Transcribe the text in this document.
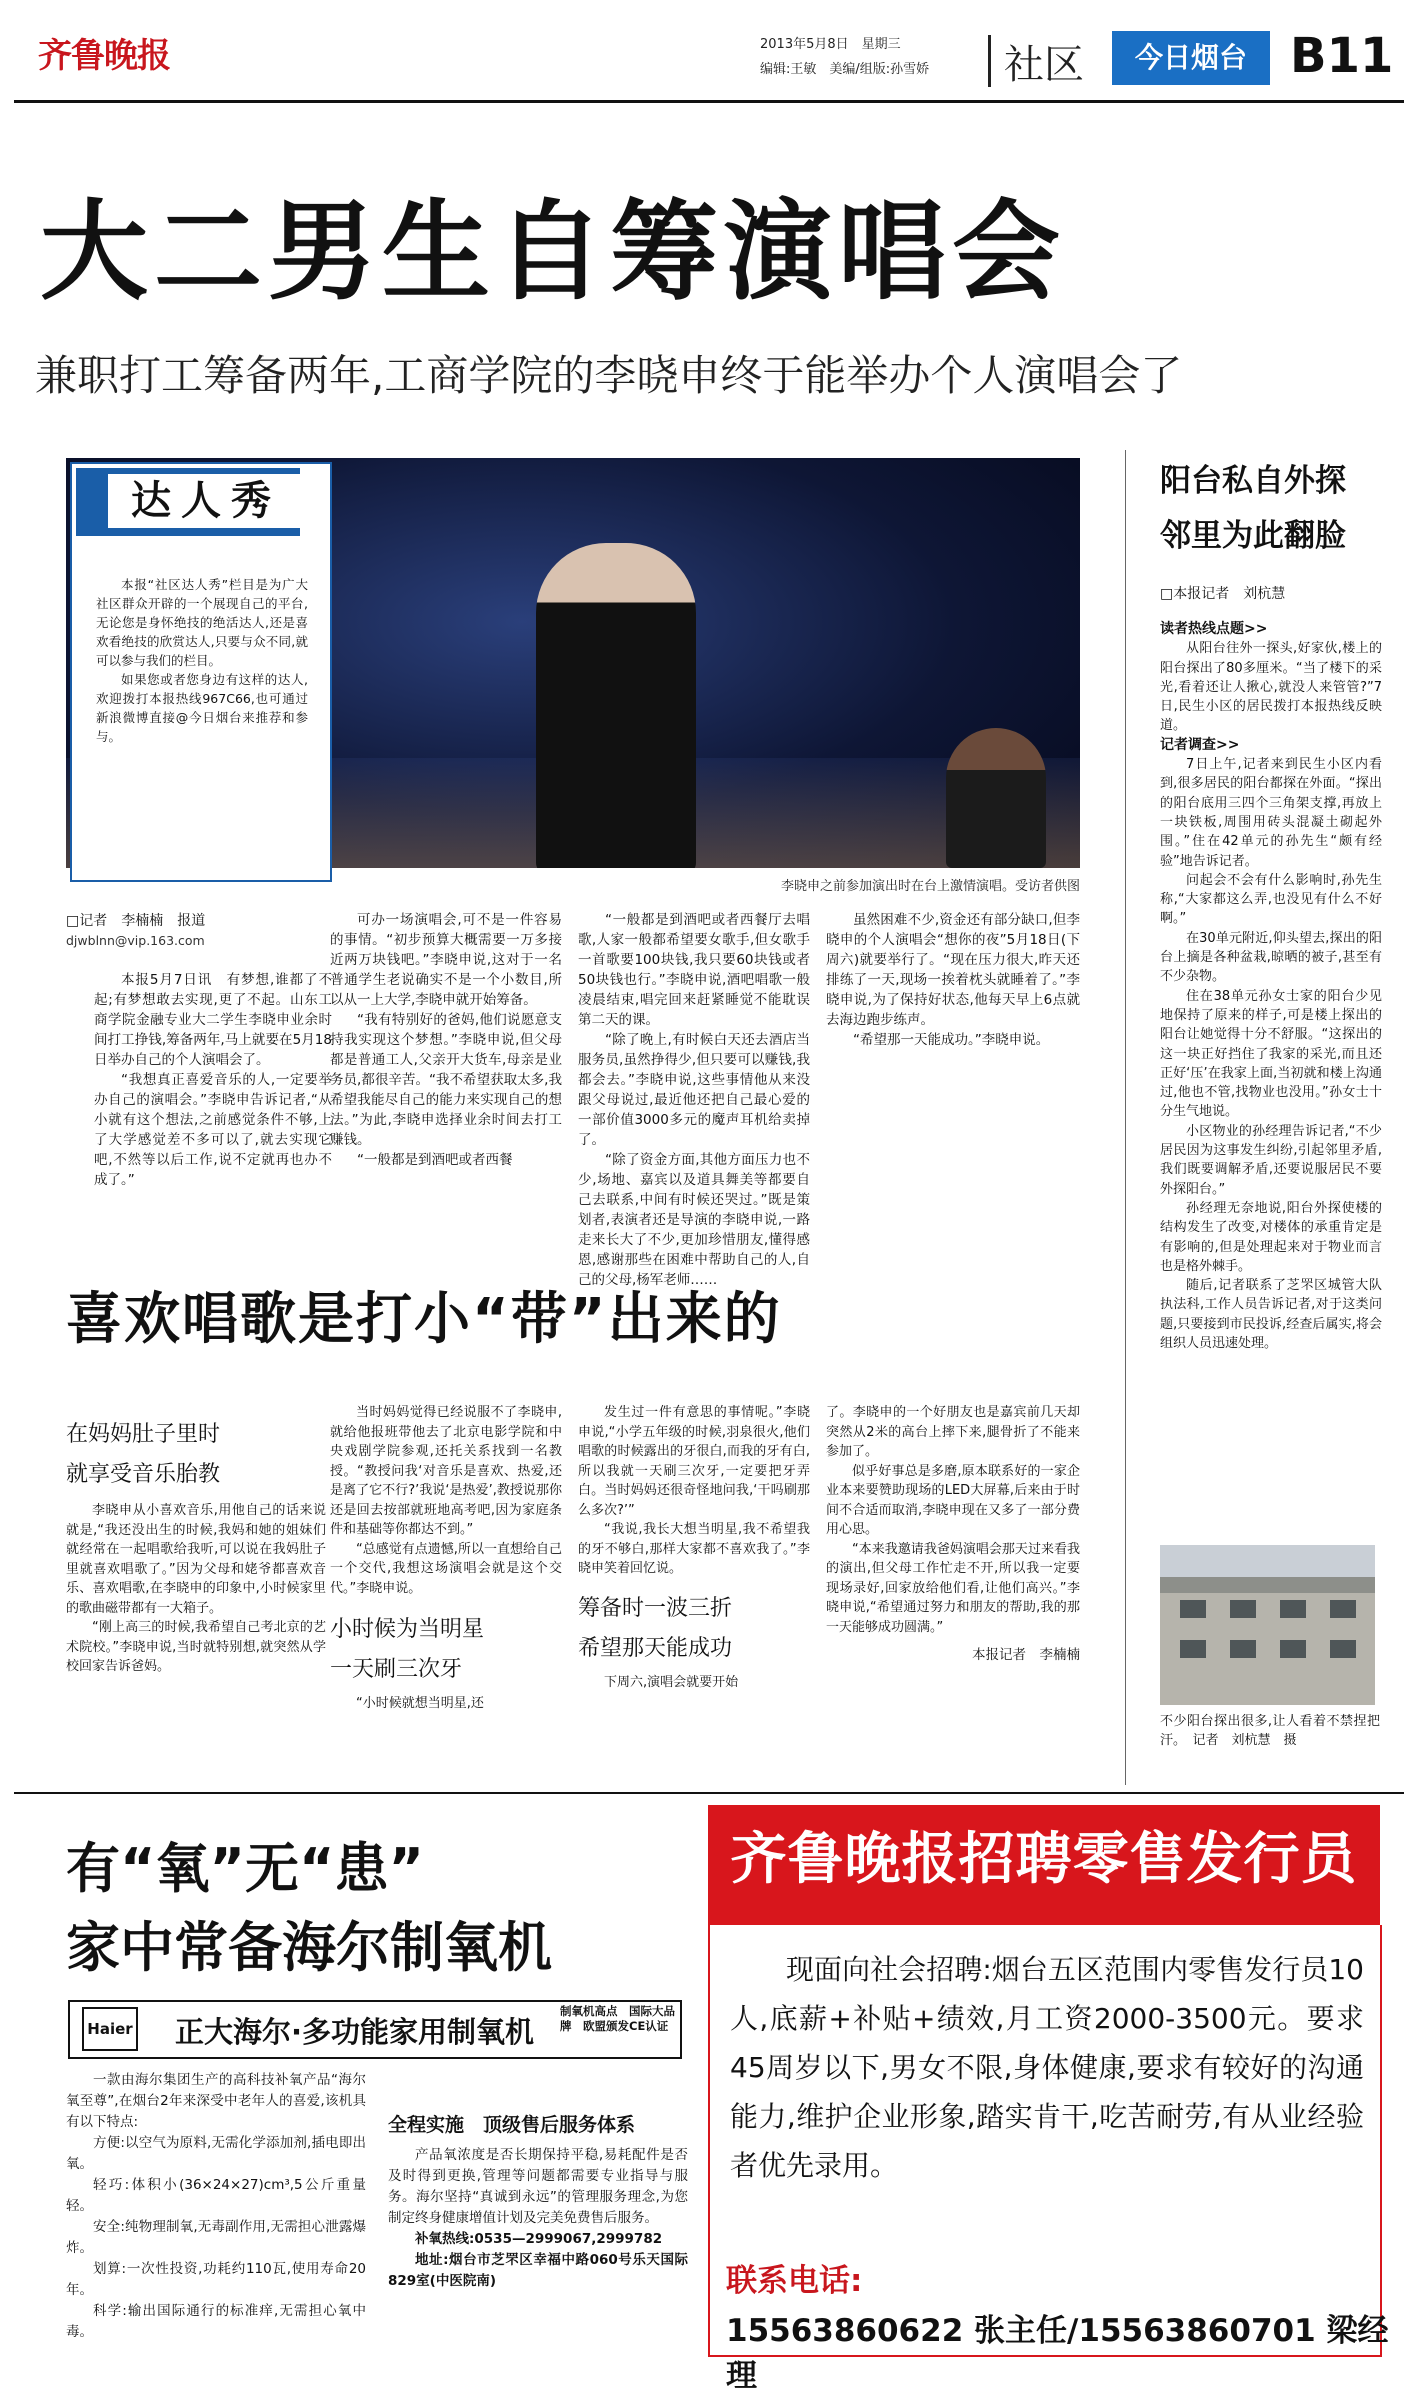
齐鲁晚报	2013年5月8日　星期三
编辑:王敏　美编/组版:孙雪娇 社区	今日烟台 B11
大二男生自筹演唱会
兼职打工筹备两年,工商学院的李晓申终于能举办个人演唱会了
达人秀

本报“社区达人秀”栏目是为广大社区群众开辟的一个展现自己的平台,无论您是身怀绝技的绝活达人,还是喜欢看绝技的欣赏达人,只要与众不同,就可以参与我们的栏目。

如果您或者您身边有这样的达人,欢迎拨打本报热线967C66,也可通过新浪微博直接@今日烟台来推荐和参与。

李晓申之前参加演出时在台上激情演唱。受访者供图
□记者　李楠楠　报道
djwblnn@vip.163.com

本报5月7日讯　有梦想,谁都了不起;有梦想敢去实现,更了不起。山东工商学院金融专业大二学生李晓申业余时间打工挣钱,筹备两年,马上就要在5月18日举办自己的个人演唱会了。

“我想真正喜爱音乐的人,一定要举办自己的演唱会。”李晓申告诉记者,“从小就有这个想法,之前感觉条件不够,上了大学感觉差不多可以了,就去实现它吧,不然等以后工作,说不定就再也办不成了。”

可办一场演唱会,可不是一件容易的事情。“初步预算大概需要一万多接近两万块钱吧。”李晓申说,这对于一名普通学生老说确实不是一个小数目,所以从一上大学,李晓申就开始筹备。

“我有特别好的爸妈,他们说愿意支持我实现这个梦想。”李晓申说,但父母都是普通工人,父亲开大货车,母亲是业务员,都很辛苦。“我不希望获取太多,我希望我能尽自己的能力来实现自己的想法。”为此,李晓申选择业余时间去打工赚钱。

“一般都是到酒吧或者西餐

“一般都是到酒吧或者西餐厅去唱歌,人家一般都希望要女歌手,但女歌手一首歌要100块钱,我只要60块钱或者50块钱也行。”李晓申说,酒吧唱歌一般凌晨结束,唱完回来赶紧睡觉不能耽误第二天的课。

“除了晚上,有时候白天还去酒店当服务员,虽然挣得少,但只要可以赚钱,我都会去。”李晓申说,这些事情他从来没跟父母说过,最近他还把自己最心爱的一部价值3000多元的魔声耳机给卖掉了。

“除了资金方面,其他方面压力也不少,场地、嘉宾以及道具舞美等都要自己去联系,中间有时候还哭过。”既是策划者,表演者还是导演的李晓申说,一路走来长大了不少,更加珍惜朋友,懂得感恩,感谢那些在困难中帮助自己的人,自己的父母,杨军老师……

虽然困难不少,资金还有部分缺口,但李晓申的个人演唱会“想你的夜”5月18日(下周六)就要举行了。“现在压力很大,昨天还排练了一天,现场一挨着枕头就睡着了。”李晓申说,为了保持好状态,他每天早上6点就去海边跑步练声。

“希望那一天能成功。”李晓申说。

阳台私自外探
邻里为此翻脸
□本报记者　刘杭慧

读者热线点题>>

从阳台往外一探头,好家伙,楼上的阳台探出了80多厘米。“当了楼下的采光,看着还让人揪心,就没人来管管?”7日,民生小区的居民拨打本报热线反映道。

记者调查>>

7日上午,记者来到民生小区内看到,很多居民的阳台都探在外面。“探出的阳台底用三四个三角架支撑,再放上一块铁板,周围用砖头混凝土砌起外围。”住在42单元的孙先生“颇有经验”地告诉记者。

问起会不会有什么影响时,孙先生称,“大家都这么弄,也没见有什么不好啊。”

在30单元附近,仰头望去,探出的阳台上摘是各种盆栽,晾晒的被子,甚至有不少杂物。

住在38单元孙女士家的阳台少见地保持了原来的样子,可是楼上探出的阳台让她觉得十分不舒服。“这探出的这一块正好挡住了我家的采光,而且还正好‘压’在我家上面,当初就和楼上沟通过,他也不管,找物业也没用。”孙女士十分生气地说。

小区物业的孙经理告诉记者,“不少居民因为这事发生纠纷,引起邻里矛盾,我们既要调解矛盾,还要说服居民不要外探阳台。”

孙经理无奈地说,阳台外探使楼的结构发生了改变,对楼体的承重肯定是有影响的,但是处理起来对于物业而言也是格外棘手。

随后,记者联系了芝罘区城管大队执法科,工作人员告诉记者,对于这类问题,只要接到市民投诉,经查后属实,将会组织人员迅速处理。

不少阳台探出很多,让人看着不禁捏把汗。　记者　刘杭慧　摄
喜欢唱歌是打小“带”出来的
在妈妈肚子里时
就享受音乐胎教

李晓申从小喜欢音乐,用他自己的话来说就是,“我还没出生的时候,我妈和她的姐妹们就经常在一起唱歌给我听,可以说在我妈肚子里就喜欢唱歌了。”因为父母和姥爷都喜欢音乐、喜欢唱歌,在李晓申的印象中,小时候家里的歌曲磁带都有一大箱子。

“刚上高三的时候,我希望自己考北京的艺术院校。”李晓申说,当时就特别想,就突然从学校回家告诉爸妈。

当时妈妈觉得已经说服不了李晓申,就给他报班带他去了北京电影学院和中央戏剧学院参观,还托关系找到一名教授。“教授问我‘对音乐是喜欢、热爱,还是离了它不行?’我说‘是热爱’,教授说那你还是回去按部就班地高考吧,因为家庭条件和基础等你都达不到。”

“总感觉有点遗憾,所以一直想给自己一个交代,我想这场演唱会就是这个交代。”李晓申说。

小时候为当明星
一天刷三次牙

“小时候就想当明星,还

发生过一件有意思的事情呢。”李晓申说,“小学五年级的时候,羽泉很火,他们唱歌的时候露出的牙很白,而我的牙有白,所以我就一天刷三次牙,一定要把牙弄白。当时妈妈还很奇怪地问我,‘干吗刷那么多次?’”

“我说,我长大想当明星,我不希望我的牙不够白,那样大家都不喜欢我了。”李晓申笑着回忆说。

筹备时一波三折
希望那天能成功

下周六,演唱会就要开始

了。李晓申的一个好朋友也是嘉宾前几天却突然从2米的高台上摔下来,腿骨折了不能来参加了。

似乎好事总是多磨,原本联系好的一家企业本来要赞助现场的LED大屏幕,后来由于时间不合适而取消,李晓申现在又多了一部分费用心思。

“本来我邀请我爸妈演唱会那天过来看我的演出,但父母工作忙走不开,所以我一定要现场录好,回家放给他们看,让他们高兴。”李晓申说,“希望通过努力和朋友的帮助,我的那一天能够成功圆满。”

本报记者　李楠楠
有“氧”无“患”
家中常备海尔制氧机
Haier 正大海尔·多功能家用制氧机
制氧机高点　国际大品牌　欧盟颁发CE认证

一款由海尔集团生产的高科技补氧产品“海尔氧至尊”,在烟台2年来深受中老年人的喜爱,该机具有以下特点:

方便:以空气为原料,无需化学添加剂,插电即出氧。

轻巧:体积小(36×24×27)cm³,5公斤重量轻。

安全:纯物理制氧,无毒副作用,无需担心泄露爆炸。

划算:一次性投资,功耗约110瓦,使用寿命20年。

科学:输出国际通行的标准痒,无需担心氧中毒。

全程实施　顶级售后服务体系

产品氧浓度是否长期保持平稳,易耗配件是否及时得到更换,管理等问题都需要专业指导与服务。海尔坚持“真诚到永远”的管理服务理念,为您制定终身健康增值计划及完美免费售后服务。

补氧热线:0535—2999067,2999782

地址:烟台市芝罘区幸福中路060号乐天国际829室(中医院南)

齐鲁晚报招聘零售发行员
现面向社会招聘:烟台五区范围内零售发行员10人,底薪+补贴+绩效,月工资2000-3500元。要求45周岁以下,男女不限,身体健康,要求有较好的沟通能力,维护企业形象,踏实肯干,吃苦耐劳,有从业经验者优先录用。
联系电话:
15563860622 张主任/15563860701 梁经理
